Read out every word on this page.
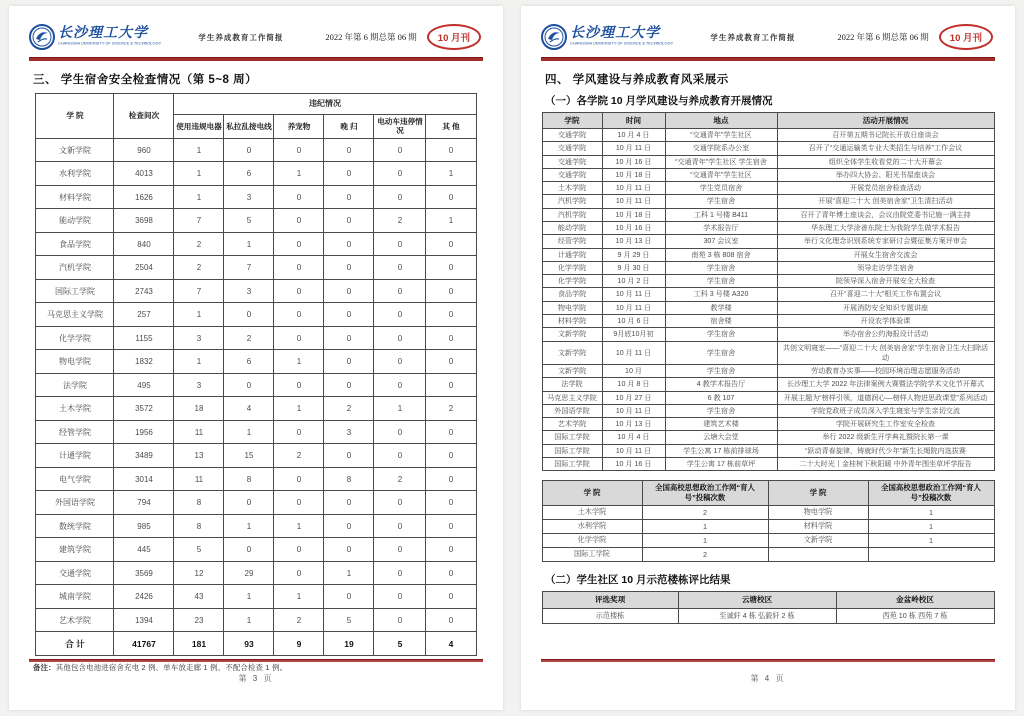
长沙理工大学
CHANGSHA UNIVERSITY OF SCIENCE & TECHNOLOGY
学生养成教育工作简报	2022 年第 6 期总第 06 期	10 月刊
三、 学生宿舍安全检查情况（第 5~8 周）
学 院	检查间次	违纪情况					
		使用违规电器	私拉乱接电线	养宠物	晚 归	电动车违停情况	其 他
文新学院	960	1	0	0	0	0	0
水利学院	4013	1	6	1	0	0	1
材料学院	1626	1	3	0	0	0	0
能动学院	3698	7	5	0	0	2	1
食品学院	840	2	1	0	0	0	0
汽机学院	2504	2	7	0	0	0	0
国际工学院	2743	7	3	0	0	0	0
马克思主义学院	257	1	0	0	0	0	0
化学学院	1155	3	2	0	0	0	0
物电学院	1832	1	6	1	0	0	0
法学院	495	3	0	0	0	0	0
土木学院	3572	18	4	1	2	1	2
经管学院	1956	11	1	0	3	0	0
计通学院	3489	13	15	2	0	0	0
电气学院	3014	11	8	0	8	2	0
外国语学院	794	8	0	0	0	0	0
数统学院	985	8	1	1	0	0	0
建筑学院	445	5	0	0	0	0	0
交通学院	3569	12	29	0	1	0	0
城南学院	2426	43	1	1	0	0	0
艺术学院	1394	23	1	2	5	0	0
合 计	41767	181	93	9	19	5	4
备注：其他包含电池进宿舍充电 2 例、单车放走廊 1 例、不配合检查 1 例。
第 3 页
长沙理工大学
CHANGSHA UNIVERSITY OF SCIENCE & TECHNOLOGY
学生养成教育工作简报	2022 年第 6 期总第 06 期	10 月刊
四、 学风建设与养成教育风采展示
（一）各学院 10 月学风建设与养成教育开展情况
学院	时间	地点	活动开展情况
交通学院	10 月 4 日	“交通青年”学生社区	召开第五期书记院长开放日座谈会
交通学院	10 月 11 日	交通学院系办公室	召开了“交通运输类专业大类招生与培养”工作会议
交通学院	10 月 16 日	“交通青年”学生社区 学生宿舍	组织全体学生收看党的二十大开幕会
交通学院	10 月 18 日	“交通青年”学生社区	举办四大协会、阳光书屋座谈会
土木学院	10 月 11 日	学生党员宿舍	开展党员宿舍检查活动
汽机学院	10 月 11 日	学生宿舍	开展“喜迎二十大 创美宿舍家”卫生清扫活动
汽机学院	10 月 18 日	工科 1 号楼 B411	召开了青年博士座谈会，会议由院党委书记施一满主持
能动学院	10 月 16 日	学术报告厅	华东理工大学涂善东院士为我院学生做学术报告
经管学院	10 月 13 日	307 会议室	举行文化理念识别系统专家研讨会暨征集方案评审会
计通学院	9 月 29 日	南苑 3 栋 808 宿舍	开展女生宿舍交流会
化学学院	9 月 30 日	学生宿舍	领导走访学生宿舍
化学学院	10 月 2 日	学生宿舍	院领导深入宿舍开展安全大检查
食品学院	10 月 11 日	工科 3 号楼 A320	召开“喜迎二十大”相关工作布置会议
物电学院	10 月 11 日	教学楼	开展消防安全知识专题讲座
材料学院	10 月 6 日	宿舍楼	开设农学体验课
文新学院	9月底10月初	学生宿舍	举办宿舍公约海报设计活动
文新学院	10 月 11 日	学生宿舍	共创文明寝室——“喜迎二十大 创美宿舍家”学生宿舍卫生大扫除活动
文新学院	10 月	学生宿舍	劳动教育办实事——校园环境治理志愿服务活动
法学院	10 月 8 日	4 教学术报告厅	长沙理工大学 2022 年法律案例大赛暨法学院学术文化节开幕式
马克思主义学院	10 月 27 日	6 教 107	开展主题为“榜样引领，道德润心—榜样人物进思政课堂”系列活动
外国语学院	10 月 11 日	学生宿舍	学院党政班子成员深入学生寝室与学生亲切交流
艺术学院	10 月 13 日	建筑艺术楼	学院开展研究生工作室安全检查
国际工学院	10 月 4 日	云塘大会堂	举行 2022 级新生开学典礼暨院长第一课
国际工学院	10 月 11 日	学生公寓 17 栋前排球场	“跃动青春旋律，铸就时代少年”新生长绳院内选拔赛
国际工学院	10 月 16 日	学生公寓 17 栋前草坪	二十大时光丨金桂树下秋阳暖 中外青年围坐草坪学报告
学 院	全国高校思想政治工作网“育人号”投稿次数	学 院	全国高校思想政治工作网“育人号”投稿次数
土木学院	2	物电学院	1
水利学院	1	材料学院	1
化学学院	1	文新学院	1
国际工学院	2		
（二）学生社区 10 月示范楼栋评比结果
评选奖项	云塘校区	金盆岭校区
示范楼栋	至诚轩 4 栋 弘毅轩 2 栋	西苑 10 栋 西苑 7 栋
第 4 页
